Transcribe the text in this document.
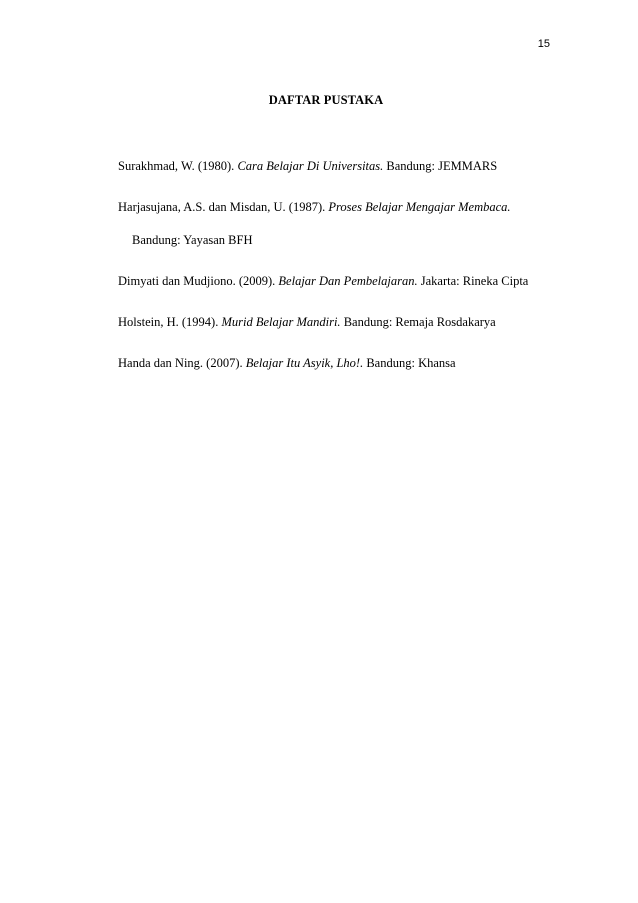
15
DAFTAR PUSTAKA

Surakhmad, W. (1980). Cara Belajar Di Universitas. Bandung: JEMMARS

Harjasujana, A.S. dan Misdan, U. (1987). Proses Belajar Mengajar Membaca. Bandung: Yayasan BFH

Dimyati dan Mudjiono. (2009). Belajar Dan Pembelajaran. Jakarta: Rineka Cipta

Holstein, H. (1994). Murid Belajar Mandiri. Bandung: Remaja Rosdakarya

Handa dan Ning. (2007). Belajar Itu Asyik, Lho!. Bandung: Khansa
